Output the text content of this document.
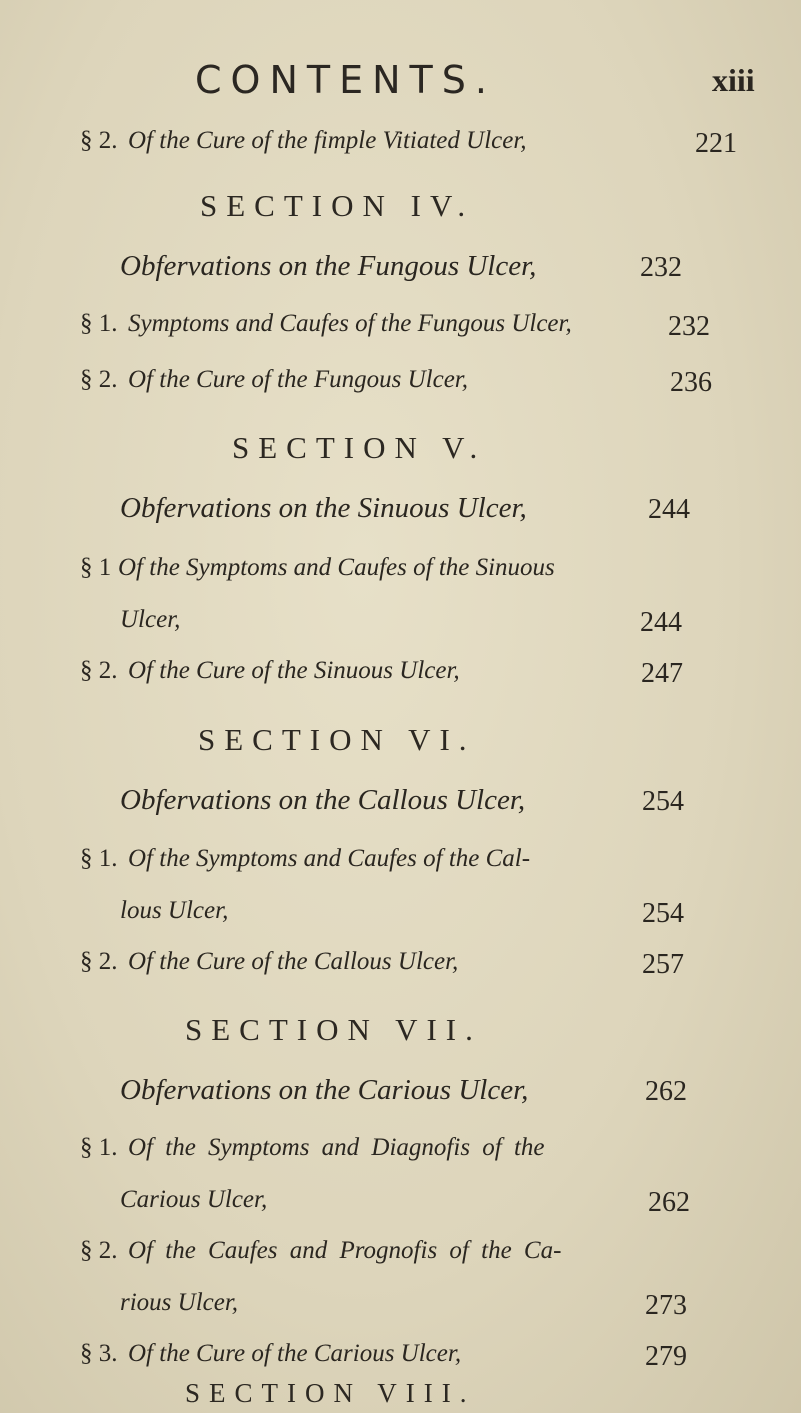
CONTENTS.	xiii
§ 2. Of the Cure of the fimple Vitiated Ulcer,	221
SECTION IV.
Obfervations on the Fungous Ulcer,	232
§ 1. Symptoms and Caufes of the Fungous Ulcer,	232
§ 2. Of the Cure of the Fungous Ulcer,	236
SECTION V.
Obfervations on the Sinuous Ulcer,	244
§ 1 Of the Symptoms and Caufes of the Sinuous
Ulcer,	244
§ 2. Of the Cure of the Sinuous Ulcer,	247
SECTION VI.
Obfervations on the Callous Ulcer,	254
§ 1. Of the Symptoms and Caufes of the Cal-
lous Ulcer,	254
§ 2. Of the Cure of the Callous Ulcer,	257
SECTION VII.
Obfervations on the Carious Ulcer,	262
§ 1. Of the Symptoms and Diagnofis of the
Carious Ulcer,	262
§ 2. Of the Caufes and Prognofis of the Ca-
rious Ulcer,	273
§ 3. Of the Cure of the Carious Ulcer,	279
SECTION VIII.
